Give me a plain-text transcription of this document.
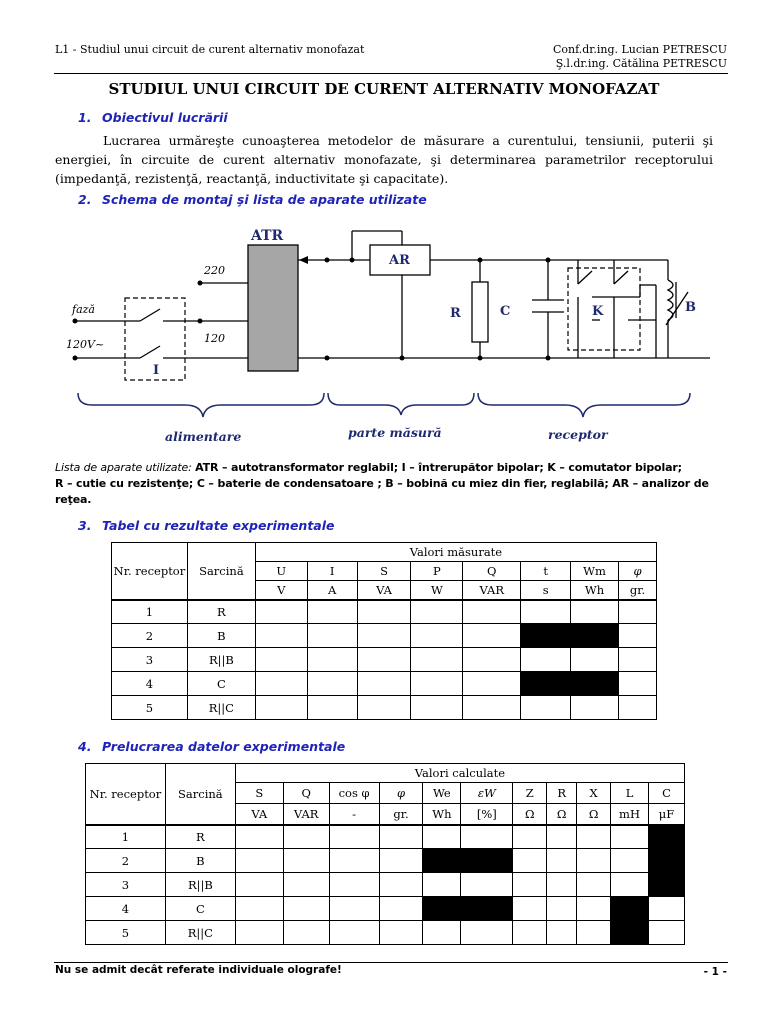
L1 - Studiul unui circuit de curent alternativ monofazat	Conf.dr.ing. Lucian PETRESCU
Ş.l.dr.ing. Cătălina PETRESCU
STUDIUL UNUI CIRCUIT DE CURENT ALTERNATIV MONOFAZAT
1. Obiectivul lucrării
Lucrarea urmăreşte cunoaşterea metodelor de măsurare a curentului, tensiunii, puterii şi
energiei, în circuite de curent alternativ monofazate, şi determinarea parametrilor receptorului (impedanţă, rezistenţă, reactanţă, inductivitate şi capacitate).
2. Schema de montaj şi lista de aparate utilizate
ATR
AR
220
120
fază
120V~
I
R	C	K	B
alimentare	parte măsură	receptor
Lista de aparate utilizate: ATR – autotransformator reglabil; I – întrerupător bipolar; K – comutator bipolar;
R – cutie cu rezistenţe; C – baterie de condensatoare ; B – bobină cu miez din fier, reglabilă; AR – analizor de
reţea.
3. Tabel cu rezultate experimentale
Nr. receptor	Sarcină	Valori măsurate							
		U	I	S	P	Q	t	Wm	φ
		V	A	VA	W	VAR	s	Wh	gr.
1	R								
2	B								
3	R||B								
4	C								
5	R||C								
4. Prelucrarea datelor experimentale
Nr. receptor	Sarcină	Valori calculate										
		S	Q	cos φ	φ	We	εW	Z	R	X	L	C
		VA	VAR	-	gr.	Wh	[%]	Ω	Ω	Ω	mH	μF
1	R											
2	B											
3	R||B											
4	C											
5	R||C											
Nu se admit decât referate individuale olografe!	- 1 -
